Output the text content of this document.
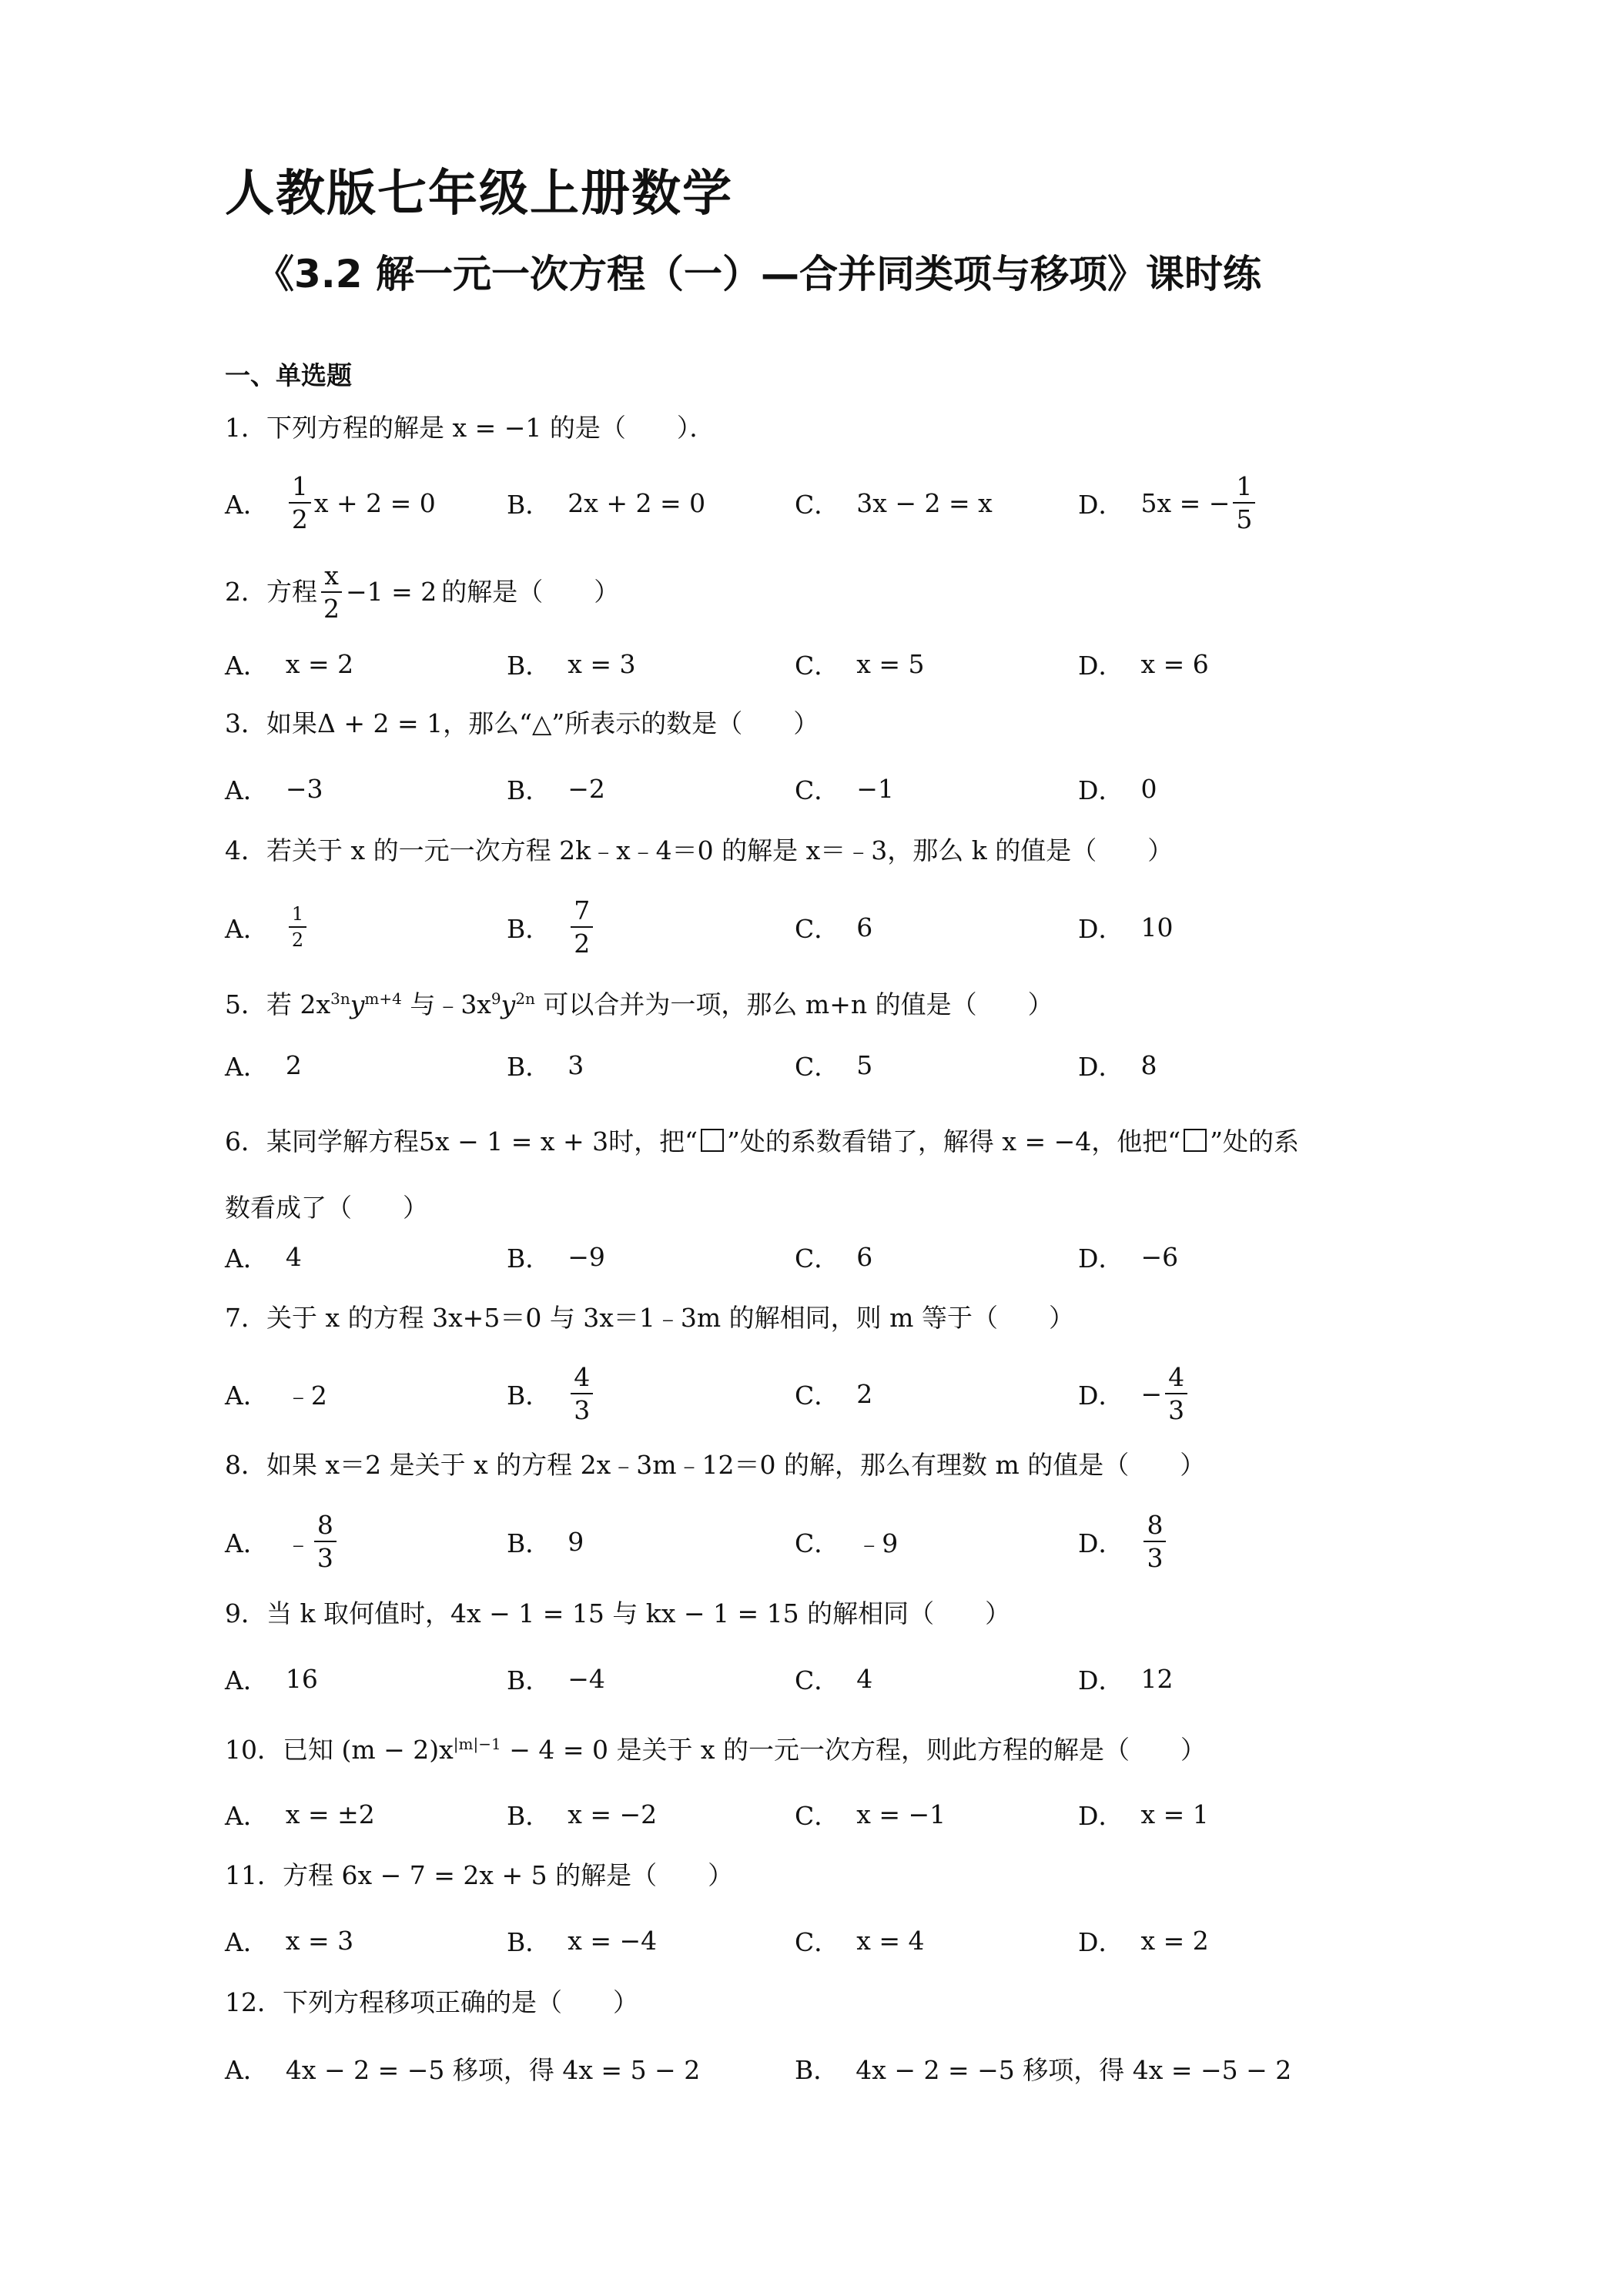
人教版七年级上册数学
《3.2 解一元一次方程（一）—合并同类项与移项》课时练
一、单选题
1．下列方程的解是 x = −1 的是（　　）．
A． $\frac{1}{2}$ x + 2 = 0	B． 2x + 2 = 0	C． 3x − 2 = x	D． 5x = − $\frac{1}{5}$
2．方程 $\frac{x}{2} -1 = 2$ 的解是（　　）
A． x = 2	B． x = 3	C． x = 5	D． x = 6
3．如果Δ + 2 = 1，那么“△”所表示的数是（　　）
A． −3	B． −2	C． −1	D． 0
4．若关于 x 的一元一次方程 2k﹣x﹣4＝0 的解是 x＝﹣3，那么 k 的值是（　　）
A． $\frac{1}{2}$	B． $\frac{7}{2}$	C． 6	D． 10
5．若 $2x^{3n}y^{m+4}$ 与$﹣3x^9y^{2n}$ 可以合并为一项，那么 m+n 的值是（　　）
A． 2	B． 3	C． 5	D． 8
6．某同学解方程5x − 1 = x + 3时，把“ ”处的系数看错了，解得 x = −4，他把“ ”处的系
数看成了（　　）
A． 4	B． −9	C． 6	D． −6
7．关于 x 的方程 3x+5＝0 与 3x＝1﹣3m 的解相同，则 m 等于（　　）
A． ﹣2	B． $\frac{4}{3}$	C． 2	D． − $\frac{4}{3}$
8．如果 x＝2 是关于 x 的方程 2x﹣3m﹣12＝0 的解，那么有理数 m 的值是（　　）
A． ﹣ $\frac{8}{3}$	B． 9	C． ﹣9	D． $\frac{8}{3}$
9．当 k 取何值时，4x − 1 = 15 与 kx − 1 = 15 的解相同（　　）
A． 16	B． −4	C． 4	D． 12
10．已知 $(m - 2)x^{|m|-1} - 4 = 0$ 是关于 x 的一元一次方程，则此方程的解是（　　）
A． x = ±2	B． x = −2	C． x = −1	D． x = 1
11．方程 6x − 7 = 2x + 5 的解是（　　）
A． x = 3	B． x = −4	C． x = 4	D． x = 2
12．下列方程移项正确的是（　　）
A． 4x − 2 = −5 移项，得 4x = 5 − 2	B． 4x − 2 = −5 移项，得 4x = −5 − 2
